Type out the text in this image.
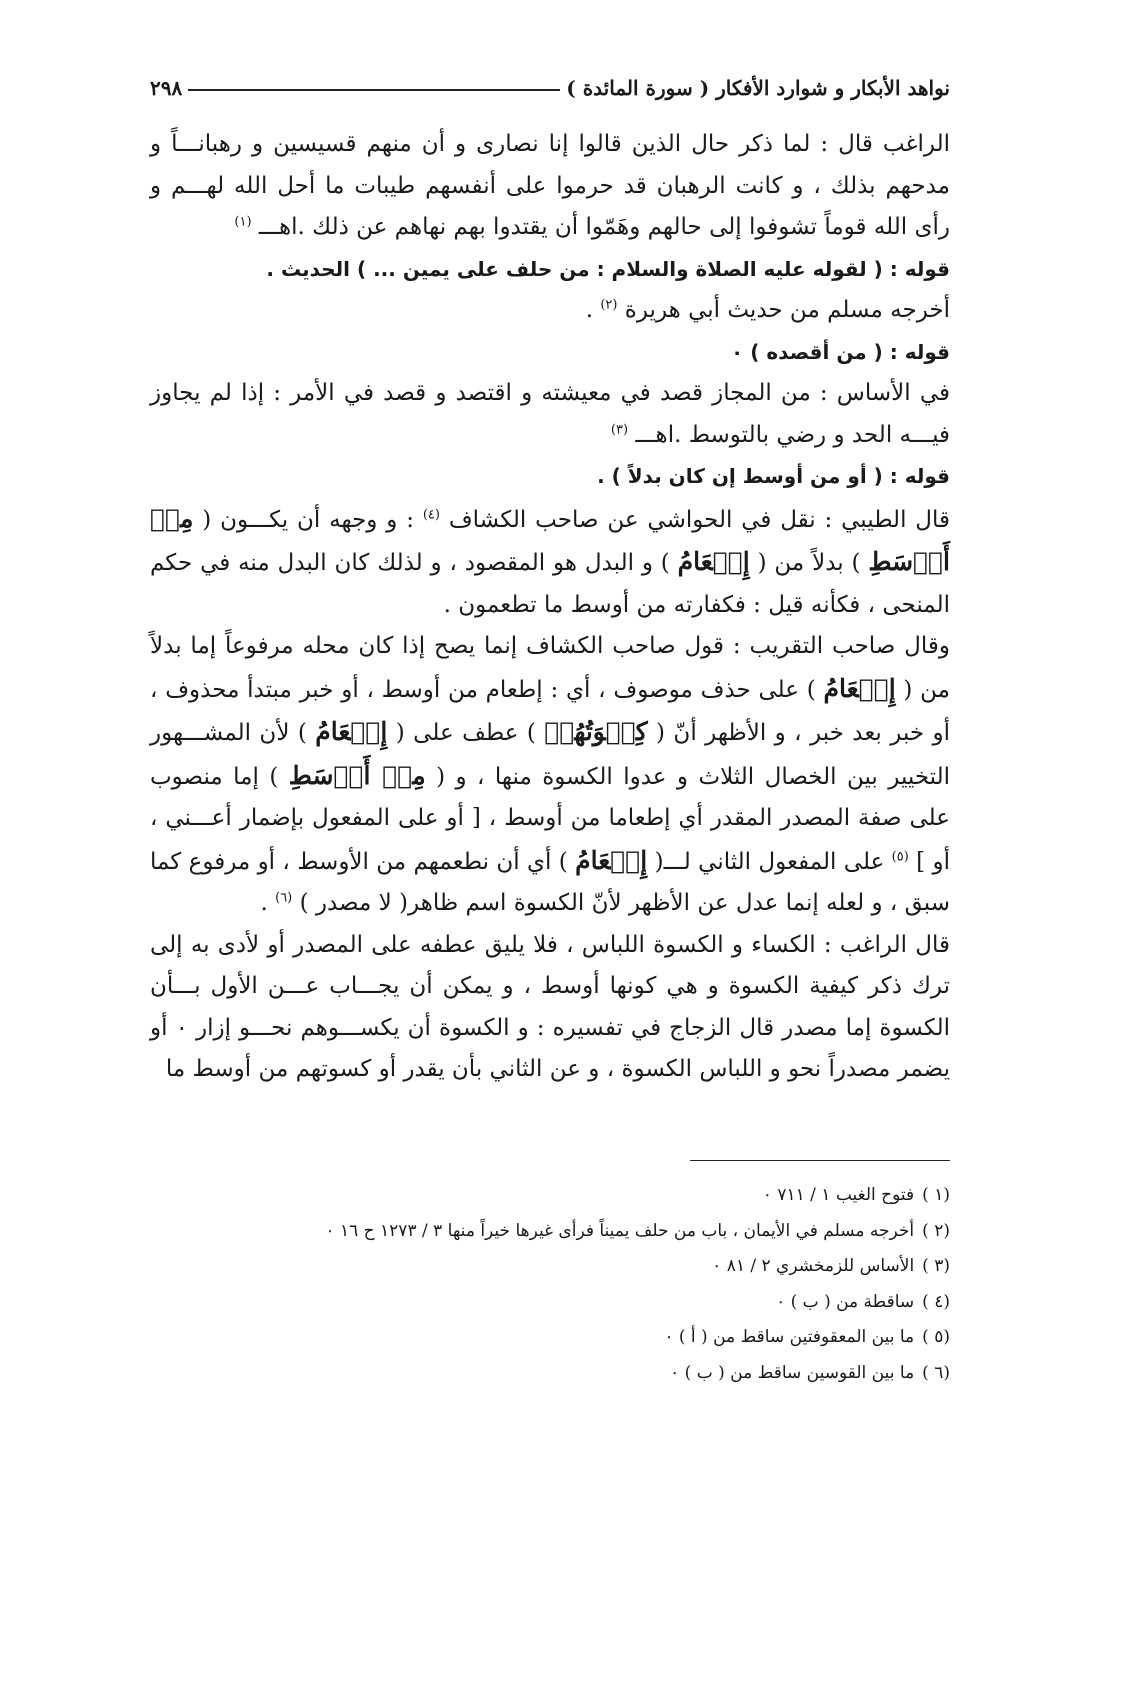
نواهد الأبكار و شوارد الأفكار ( سورة المائدة )
٢٩٨

الراغب قال : لما ذكر حال الذين قالوا إنا نصارى و أن منهم قسيسين و رهبانـــاً و مدحهم بذلك ، و كانت الرهبان قد حرموا على أنفسهم طيبات ما أحل الله لهـــم و رأى الله قوماً تشوفوا إلى حالهم وهَمّوا أن يقتدوا بهم نهاهم عن ذلك .اهـــ $^{(١)}$

قوله : ( لقوله عليه الصلاة والسلام : من حلف على يمين ... ) الحديث .

أخرجه مسلم من حديث أبي هريرة $^{(٢)}$ .

قوله : ( من أقصده ) ٠

في الأساس : من المجاز قصد في معيشته و اقتصد و قصد في الأمر : إذا لم يجاوز فيـــه الحد و رضي بالتوسط .اهـــ $^{(٣)}$

قوله : ( أو من أوسط إن كان بدلاً ) .

قال الطيبي : نقل في الحواشي عن صاحب الكشاف $^{(٤)}$ : و وجهه أن يكـــون ( مِنۡ أَوۡسَطِ ) بدلاً من ( إِطۡعَامُ ) و البدل هو المقصود ، و لذلك كان البدل منه في حكم المنحى ، فكأنه قيل : فكفارته من أوسط ما تطعمون .

وقال صاحب التقريب : قول صاحب الكشاف إنما يصح إذا كان محله مرفوعاً إما بدلاً من ( إِطۡعَامُ ) على حذف موصوف ، أي : إطعام من أوسط ، أو خبر مبتدأ محذوف ، أو خبر بعد خبر ، و الأظهر أنّ ( كِسۡوَتُهُمۡ ) عطف على ( إِطۡعَامُ ) لأن المشـــهور التخيير بين الخصال الثلاث و عدوا الكسوة منها ، و ( مِنۡ أَوۡسَطِ ) إما منصوب على صفة المصدر المقدر أي إطعاما من أوسط ، [ أو على المفعول بإضمار أعـــني ، أو ] $^{(٥)}$ على المفعول الثاني لـــ( إِطۡعَامُ ) أي أن نطعمهم من الأوسط ، أو مرفوع كما سبق ، و لعله إنما عدل عن الأظهر لأنّ الكسوة اسم ظاهر( لا مصدر ) $^{(٦)}$ .

قال الراغب : الكساء و الكسوة اللباس ، فلا يليق عطفه على المصدر أو لأدى به إلى ترك ذكر كيفية الكسوة و هي كونها أوسط ، و يمكن أن يجـــاب عـــن الأول بـــأن الكسوة إما مصدر قال الزجاج في تفسيره : و الكسوة أن يكســـوهم نحـــو إزار ٠ أو يضمر مصدراً نحو و اللباس الكسوة ، و عن الثاني بأن يقدر أو كسوتهم من أوسط ما

(١ )فتوح الغيب ١ / ٧١١ ٠

(٢ )أخرجه مسلم في الأيمان ، باب من حلف يميناً فرأى غيرها خيراً منها ٣ / ١٢٧٣ ح ١٦ ٠

(٣ )الأساس للزمخشري ٢ / ٨١ ٠

(٤ )ساقطة من ( ب ) ٠

(٥ )ما بين المعقوفتين ساقط من ( أ ) ٠

(٦ )ما بين القوسين ساقط من ( ب ) ٠
